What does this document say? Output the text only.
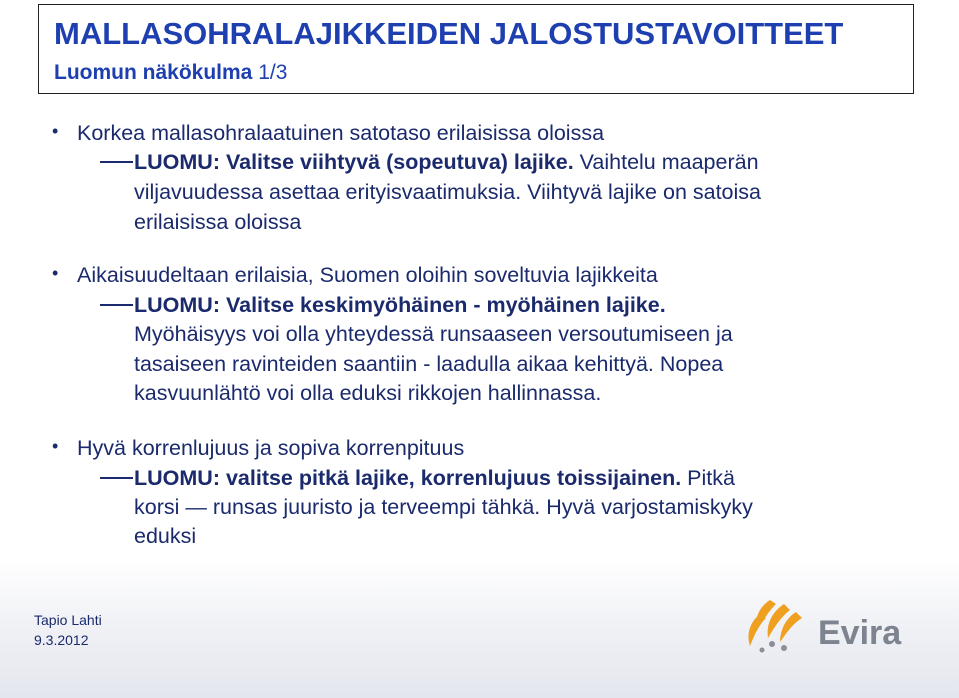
MALLASOHRALAJIKKEIDEN JALOSTUSTAVOITTEET
Luomun näkökulma 1/3
• Korkea mallasohralaatuinen satotaso erilaisissa oloissa
LUOMU: Valitse viihtyvä (sopeutuva) lajike. Vaihtelu maaperän
viljavuudessa asettaa erityisvaatimuksia. Viihtyvä lajike on satoisa
erilaisissa oloissa
• Aikaisuudeltaan erilaisia, Suomen oloihin soveltuvia lajikkeita
LUOMU: Valitse keskimyöhäinen - myöhäinen lajike.
Myöhäisyys voi olla yhteydessä runsaaseen versoutumiseen ja
tasaiseen ravinteiden saantiin - laadulla aikaa kehittyä. Nopea
kasvuunlähtö voi olla eduksi rikkojen hallinnassa.
• Hyvä korrenlujuus ja sopiva korrenpituus
LUOMU: valitse pitkä lajike, korrenlujuus toissijainen. Pitkä
korsi — runsas juuristo ja terveempi tähkä. Hyvä varjostamiskyky
eduksi
Tapio Lahti
9.3.2012	Evira
